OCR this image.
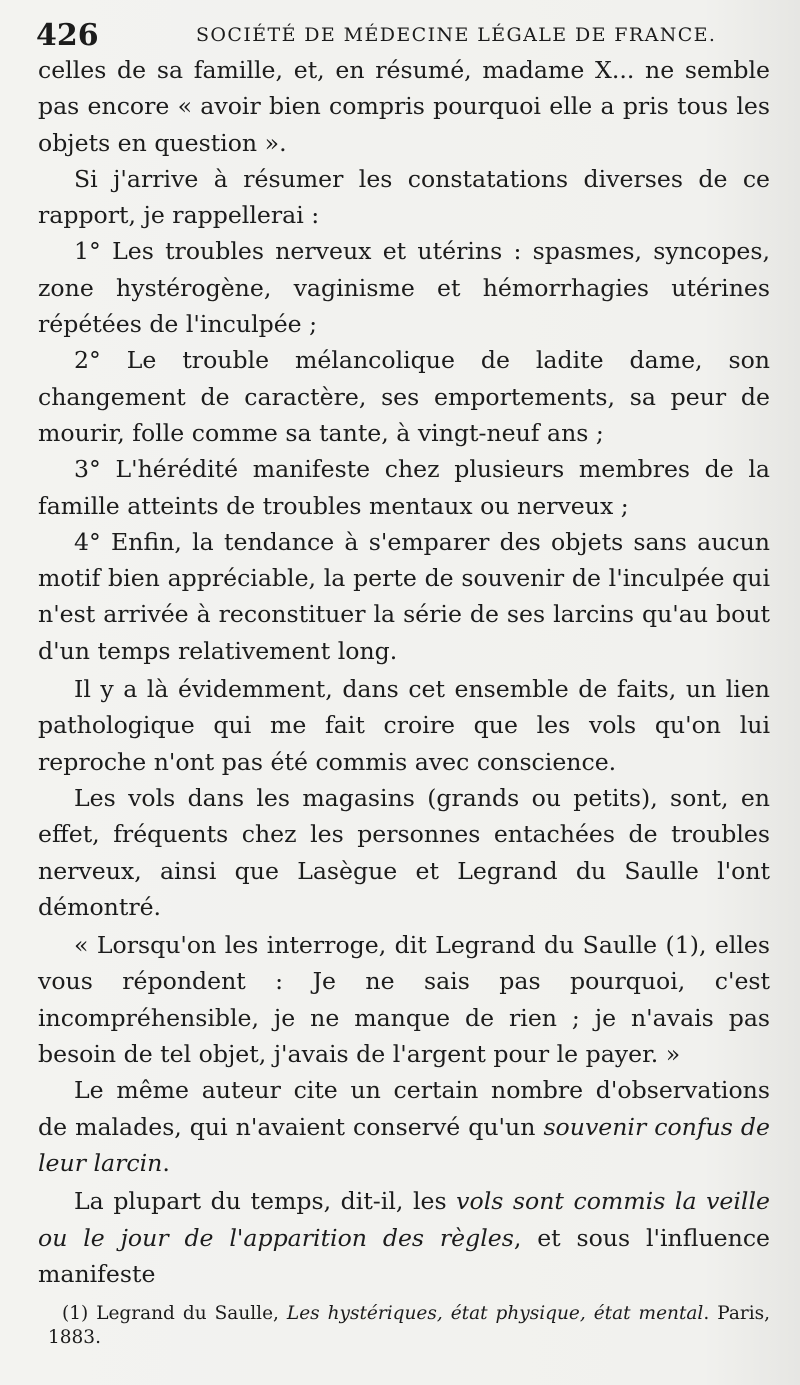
426	SOCIÉTÉ DE MÉDECINE LÉGALE DE FRANCE.

celles de sa famille, et, en résumé, madame X... ne semble pas encore « avoir bien compris pourquoi elle a pris tous les objets en question ».

Si j'arrive à résumer les constatations diverses de ce rapport, je rappellerai :

1° Les troubles nerveux et utérins : spasmes, syncopes, zone hystérogène, vaginisme et hémorrhagies utérines répétées de l'inculpée ;

2° Le trouble mélancolique de ladite dame, son changement de caractère, ses emportements, sa peur de mourir, folle comme sa tante, à vingt-neuf ans ;

3° L'hérédité manifeste chez plusieurs membres de la famille atteints de troubles mentaux ou nerveux ;

4° Enfin, la tendance à s'emparer des objets sans aucun motif bien appréciable, la perte de souvenir de l'inculpée qui n'est arrivée à reconstituer la série de ses larcins qu'au bout d'un temps relativement long.

Il y a là évidemment, dans cet ensemble de faits, un lien pathologique qui me fait croire que les vols qu'on lui reproche n'ont pas été commis avec conscience.

Les vols dans les magasins (grands ou petits), sont, en effet, fréquents chez les personnes entachées de troubles nerveux, ainsi que Lasègue et Legrand du Saulle l'ont démontré.

« Lorsqu'on les interroge, dit Legrand du Saulle (1), elles vous répondent : Je ne sais pas pourquoi, c'est incompréhensible, je ne manque de rien ; je n'avais pas besoin de tel objet, j'avais de l'argent pour le payer. »

Le même auteur cite un certain nombre d'observations de malades, qui n'avaient conservé qu'un souvenir confus de leur larcin.

La plupart du temps, dit-il, les vols sont commis la veille ou le jour de l'apparition des règles, et sous l'influence manifeste

(1) Legrand du Saulle, Les hystériques, état physique, état mental. Paris, 1883.
